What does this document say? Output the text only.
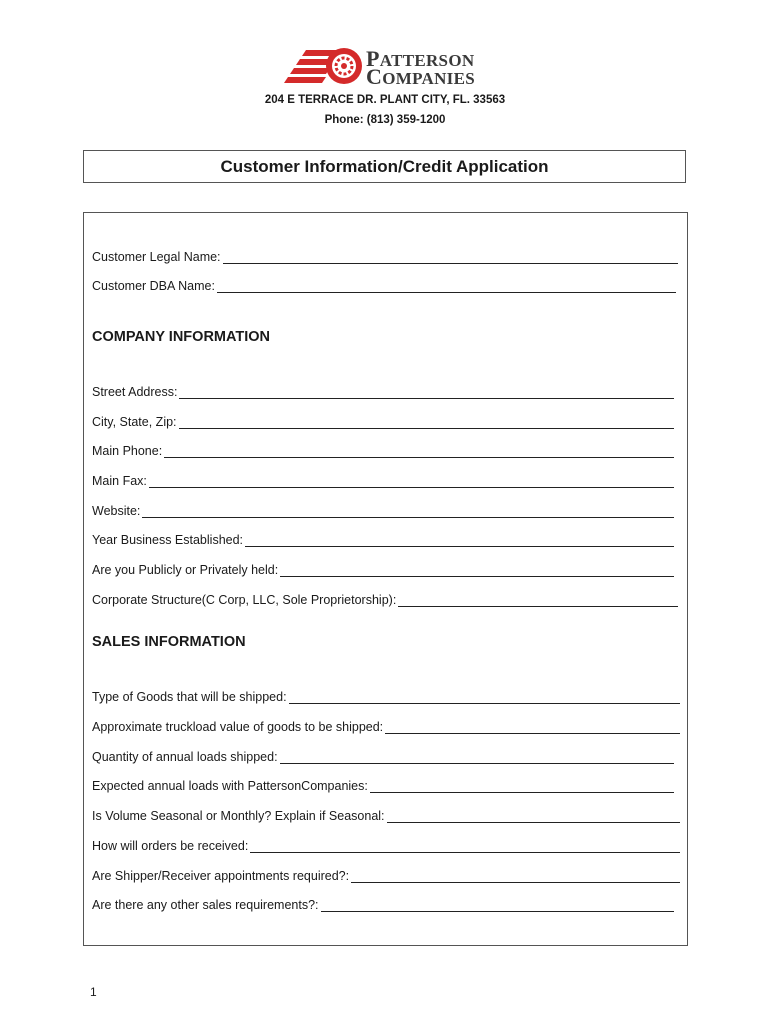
PATTERSON
COMPANIES
204 E TERRACE DR. PLANT CITY, FL. 33563
Phone: (813) 359-1200
Customer Information/Credit Application
Customer Legal Name:
Customer DBA Name:
COMPANY INFORMATION
Street Address:
City, State, Zip:
Main Phone:
Main Fax:
Website:
Year Business Established:
Are you Publicly or Privately held:
Corporate Structure(C Corp, LLC, Sole Proprietorship):
SALES INFORMATION
Type of Goods that will be shipped:
Approximate truckload value of goods to be shipped:
Quantity of annual loads shipped:
Expected annual loads with PattersonCompanies:
Is Volume Seasonal or Monthly? Explain if Seasonal:
How will orders be received:
Are Shipper/Receiver appointments required?:
Are there any other sales requirements?:
1
